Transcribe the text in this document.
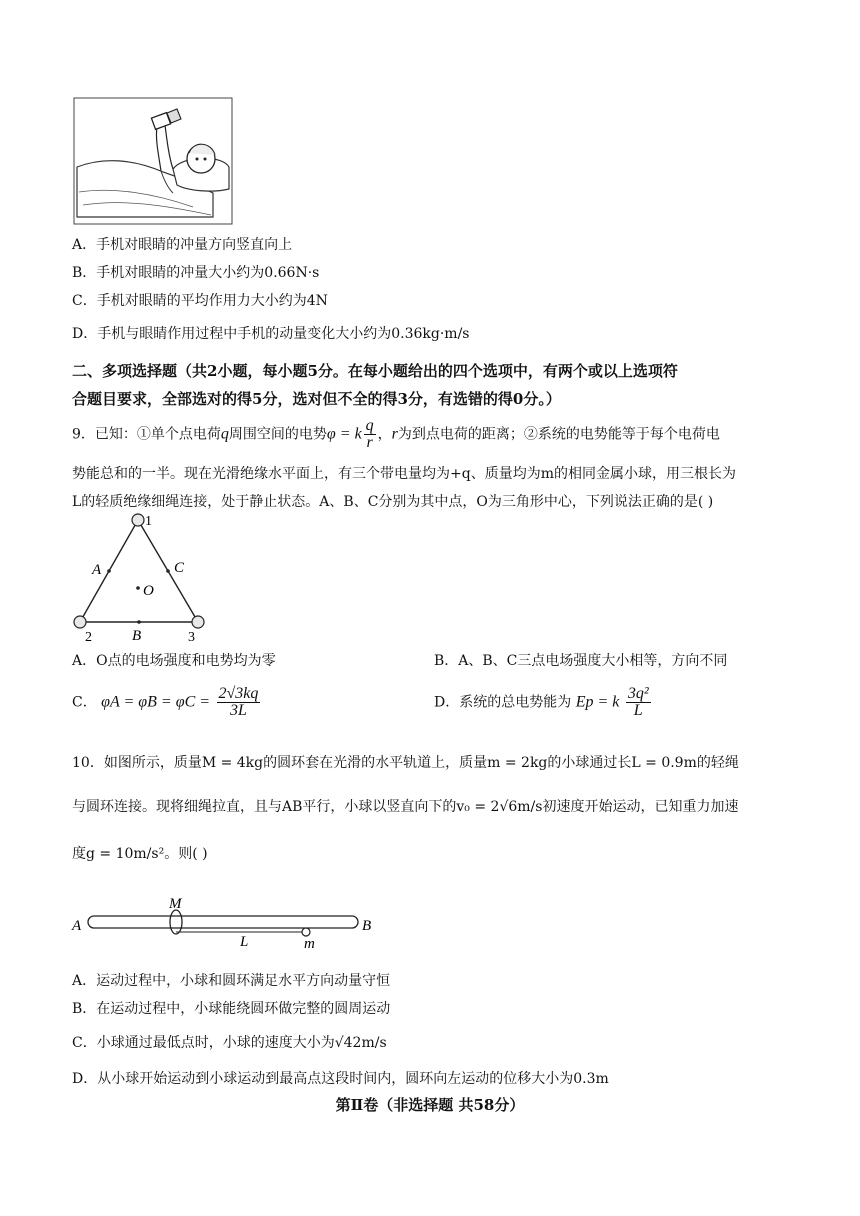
A．手机对眼睛的冲量方向竖直向上
B．手机对眼睛的冲量大小约为0.66N·s
C．手机对眼睛的平均作用力大小约为4N
D．手机与眼睛作用过程中手机的动量变化大小约为0.36kg·m/s
二、多项选择题（共2小题，每小题5分。在每小题给出的四个选项中，有两个或以上选项符
合题目要求，全部选对的得5分，选对但不全的得3分，有选错的得0分。）
9．已知：①单个点电荷q周围空间的电势φ = k $\frac{q}{r}$ ，r为到点电荷的距离；②系统的电势能等于每个电荷电
势能总和的一半。现在光滑绝缘水平面上，有三个带电量均为+q、质量均为m的相同金属小球，用三根长为
L的轻质绝缘细绳连接，处于静止状态。A、B、C分别为其中点，O为三角形中心，下列说法正确的是( )
1
2	3
A	C
B
O
A．O点的电场强度和电势均为零	B．A、B、C三点电场强度大小相等，方向不同
C． $\varphi A = \varphi B = \varphi C = \frac{2√3kq}{3L}$	D．系统的总电势能为 Ep = k $\frac{\text{3q²}}{L}$
10．如图所示，质量M = 4kg的圆环套在光滑的水平轨道上，质量m = 2kg的小球通过长L = 0.9m的轻绳
与圆环连接。现将细绳拉直，且与AB平行，小球以竖直向下的v₀ = 2√6m/s初速度开始运动，已知重力加速
度g = 10m/s²。则( )
A	B
M
L	m
A．运动过程中，小球和圆环满足水平方向动量守恒
B．在运动过程中，小球能绕圆环做完整的圆周运动
C．小球通过最低点时，小球的速度大小为√42m/s
D．从小球开始运动到小球运动到最高点这段时间内，圆环向左运动的位移大小为0.3m
第Ⅱ卷（非选择题 共58分）
